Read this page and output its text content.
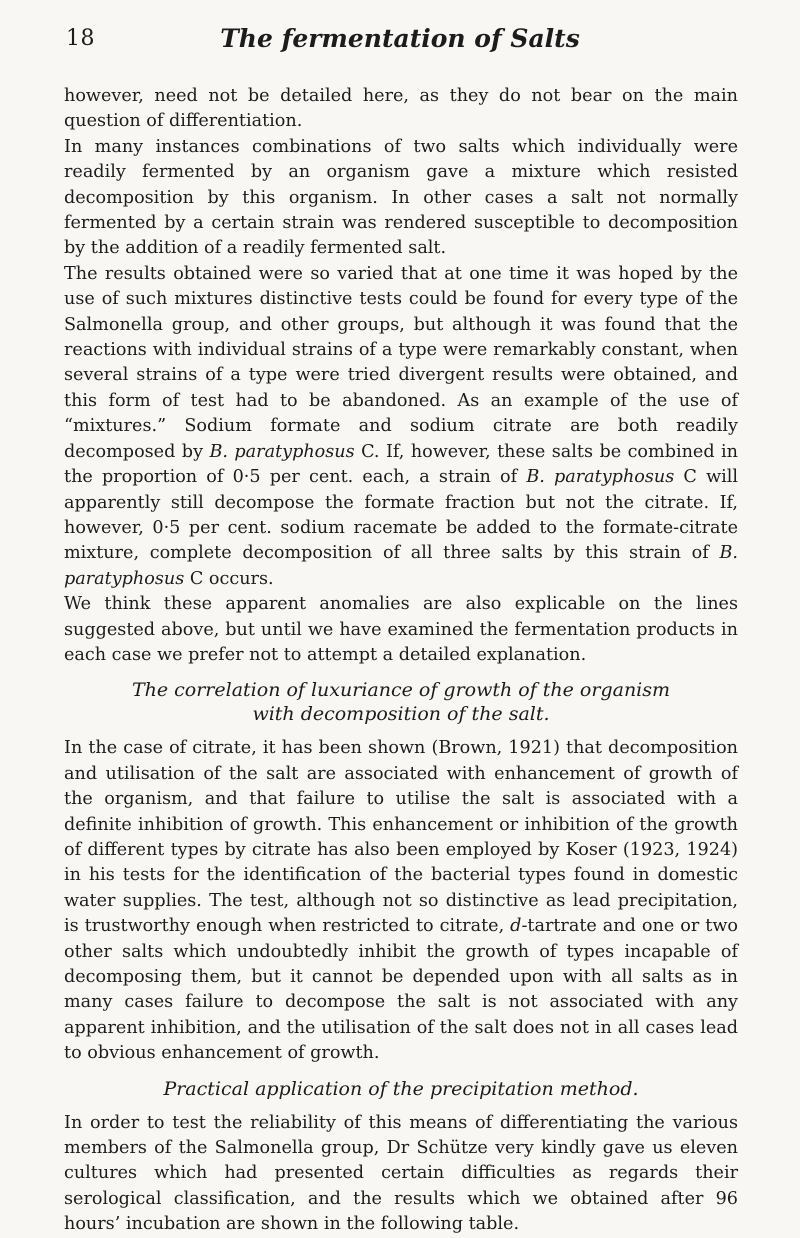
18	The fermentation of Salts

however, need not be detailed here, as they do not bear on the main question of differentiation.

In many instances combinations of two salts which individually were readily fermented by an organism gave a mixture which resisted decomposition by this organism. In other cases a salt not normally fermented by a certain strain was rendered susceptible to decomposition by the addition of a readily fermented salt.

The results obtained were so varied that at one time it was hoped by the use of such mixtures distinctive tests could be found for every type of the Salmonella group, and other groups, but although it was found that the reactions with individual strains of a type were remarkably constant, when several strains of a type were tried divergent results were obtained, and this form of test had to be abandoned. As an example of the use of “mixtures.” Sodium formate and sodium citrate are both readily decomposed by B. paratyphosus C. If, however, these salts be combined in the proportion of 0·5 per cent. each, a strain of B. paratyphosus C will apparently still decompose the formate fraction but not the citrate. If, however, 0·5 per cent. sodium racemate be added to the formate-citrate mixture, complete decomposition of all three salts by this strain of B. paratyphosus C occurs.

We think these apparent anomalies are also explicable on the lines suggested above, but until we have examined the fermentation products in each case we prefer not to attempt a detailed explanation.

The correlation of luxuriance of growth of the organism
with decomposition of the salt.

In the case of citrate, it has been shown (Brown, 1921) that decomposition and utilisation of the salt are associated with enhancement of growth of the organism, and that failure to utilise the salt is associated with a definite inhibition of growth. This enhancement or inhibition of the growth of different types by citrate has also been employed by Koser (1923, 1924) in his tests for the identification of the bacterial types found in domestic water supplies. The test, although not so distinctive as lead precipitation, is trustworthy enough when restricted to citrate, d-tartrate and one or two other salts which undoubtedly inhibit the growth of types incapable of decomposing them, but it cannot be depended upon with all salts as in many cases failure to decompose the salt is not associated with any apparent inhibition, and the utilisation of the salt does not in all cases lead to obvious enhancement of growth.

Practical application of the precipitation method.

In order to test the reliability of this means of differentiating the various members of the Salmonella group, Dr Schütze very kindly gave us eleven cultures which had presented certain difficulties as regards their serological classification, and the results which we obtained after 96 hours’ incubation are shown in the following table.
